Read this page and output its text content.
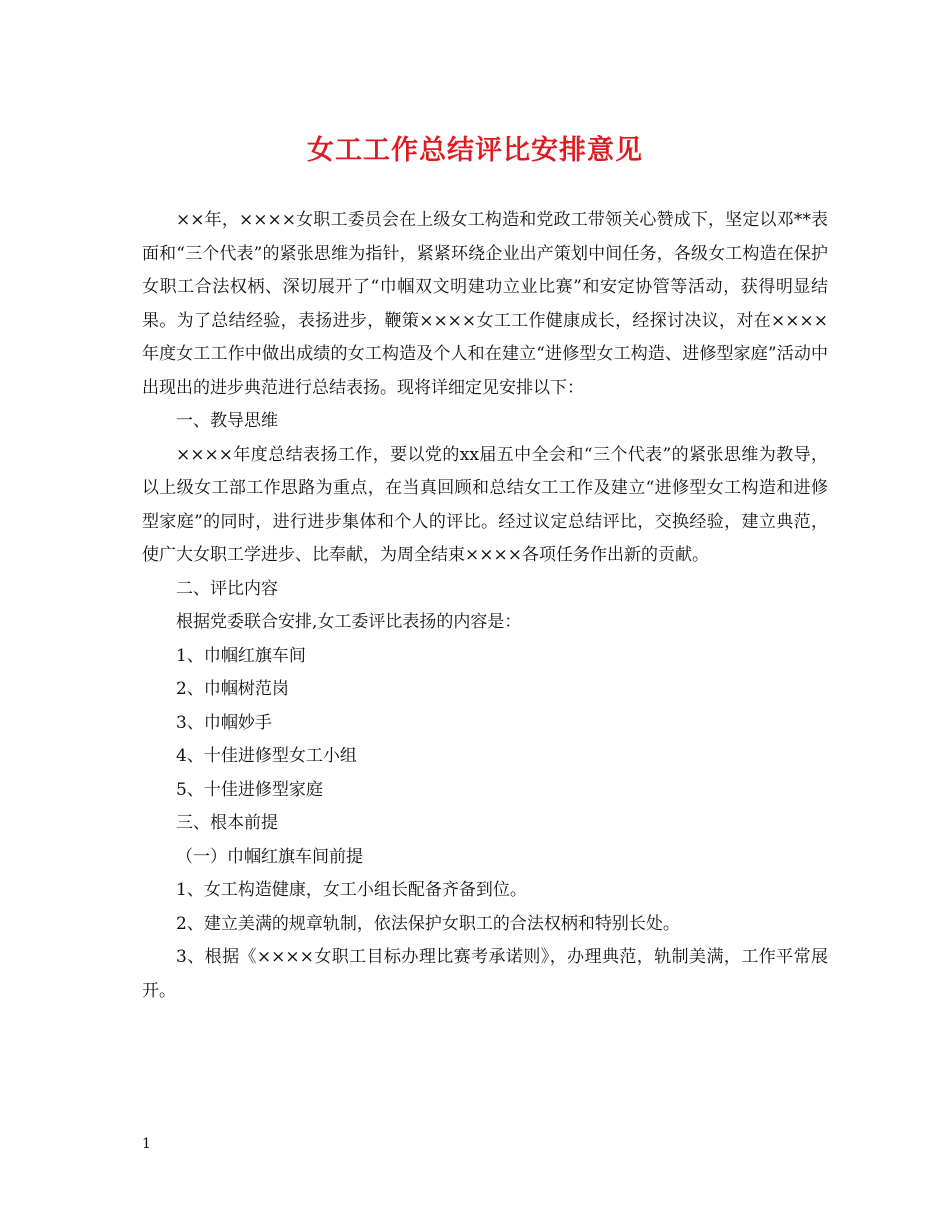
女工工作总结评比安排意见

××年，××××女职工委员会在上级女工构造和党政工带领关心赞成下，坚定以邓**表面和“三个代表”的紧张思维为指针，紧紧环绕企业出产策划中间任务，各级女工构造在保护女职工合法权柄、深切展开了“巾帼双文明建功立业比赛”和安定协管等活动，获得明显结果。为了总结经验，表扬进步，鞭策××××女工工作健康成长，经探讨决议，对在××××年度女工工作中做出成绩的女工构造及个人和在建立“进修型女工构造、进修型家庭”活动中出现出的进步典范进行总结表扬。现将详细定见安排以下：

一、教导思维

××××年度总结表扬工作，要以党的xx届五中全会和“三个代表”的紧张思维为教导，以上级女工部工作思路为重点，在当真回顾和总结女工工作及建立“进修型女工构造和进修型家庭”的同时，进行进步集体和个人的评比。经过议定总结评比，交换经验，建立典范，使广大女职工学进步、比奉献，为周全结束××××各项任务作出新的贡献。

二、评比内容

根据党委联合安排,女工委评比表扬的内容是：

1、巾帼红旗车间

2、巾帼树范岗

3、巾帼妙手

4、十佳进修型女工小组

5、十佳进修型家庭

三、根本前提

（一）巾帼红旗车间前提

1、女工构造健康，女工小组长配备齐备到位。

2、建立美满的规章轨制，依法保护女职工的合法权柄和特别长处。

3、根据《××××女职工目标办理比赛考承诺则》，办理典范，轨制美满，工作平常展开。

1
